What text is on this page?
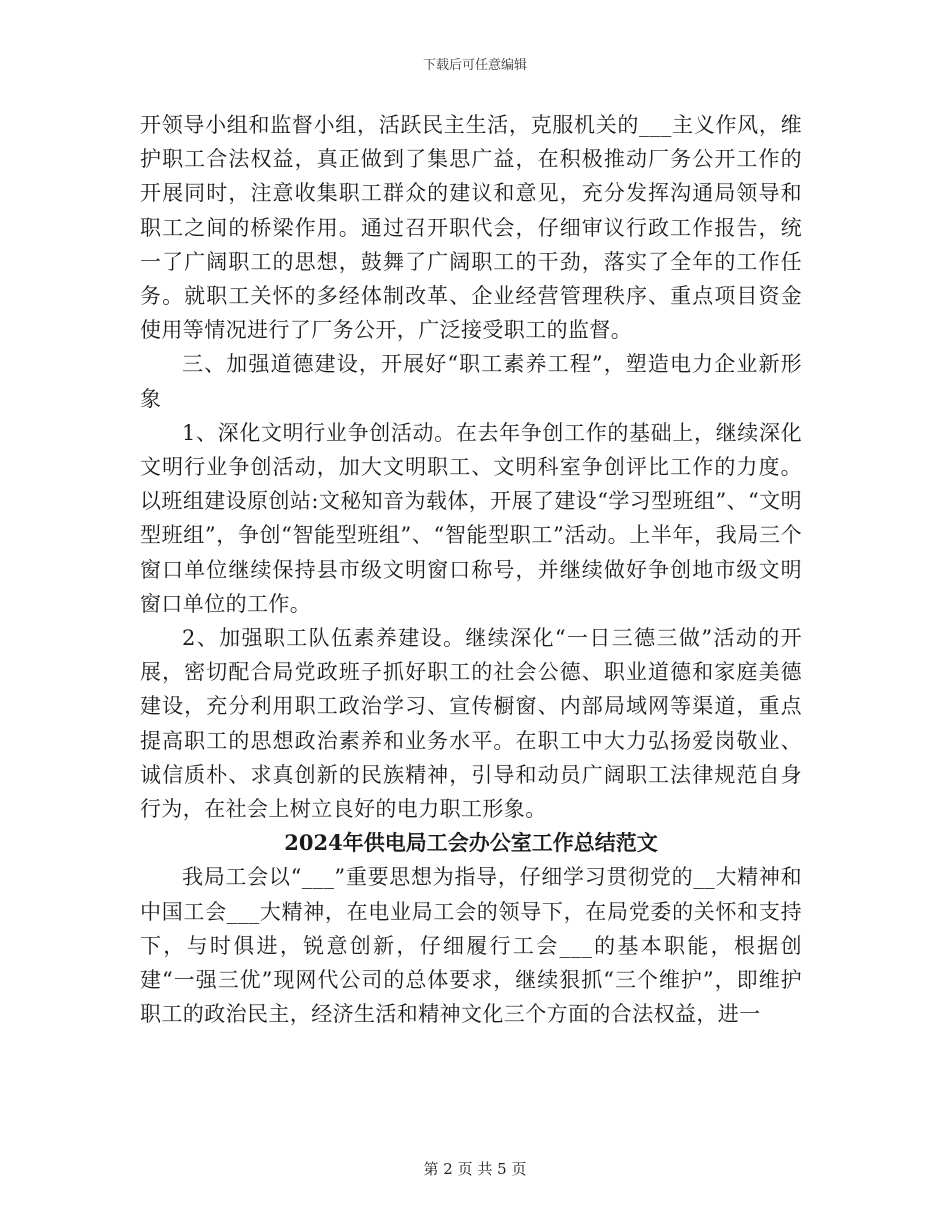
下载后可任意编辑

开领导小组和监督小组，活跃民主生活，克服机关的___主义作风，维护职工合法权益，真正做到了集思广益，在积极推动厂务公开工作的开展同时，注意收集职工群众的建议和意见，充分发挥沟通局领导和职工之间的桥梁作用。通过召开职代会，仔细审议行政工作报告，统一了广阔职工的思想，鼓舞了广阔职工的干劲，落实了全年的工作任务。就职工关怀的多经体制改革、企业经营管理秩序、重点项目资金使用等情况进行了厂务公开，广泛接受职工的监督。

三、加强道德建设，开展好“职工素养工程”，塑造电力企业新形象

1、深化文明行业争创活动。在去年争创工作的基础上，继续深化文明行业争创活动，加大文明职工、文明科室争创评比工作的力度。以班组建设原创站:文秘知音为载体，开展了建设“学习型班组”、“文明型班组”，争创“智能型班组”、“智能型职工”活动。上半年，我局三个窗口单位继续保持县市级文明窗口称号，并继续做好争创地市级文明窗口单位的工作。

2、加强职工队伍素养建设。继续深化“一日三德三做”活动的开展，密切配合局党政班子抓好职工的社会公德、职业道德和家庭美德建设，充分利用职工政治学习、宣传橱窗、内部局域网等渠道，重点提高职工的思想政治素养和业务水平。在职工中大力弘扬爱岗敬业、诚信质朴、求真创新的民族精神，引导和动员广阔职工法律规范自身行为，在社会上树立良好的电力职工形象。

2024年供电局工会办公室工作总结范文

我局工会以“___”重要思想为指导，仔细学习贯彻党的__大精神和中国工会___大精神，在电业局工会的领导下，在局党委的关怀和支持下，与时俱进，锐意创新，仔细履行工会___的基本职能，根据创建“一强三优”现网代公司的总体要求，继续狠抓“三个维护”，即维护职工的政治民主，经济生活和精神文化三个方面的合法权益，进一

第 2 页 共 5 页
